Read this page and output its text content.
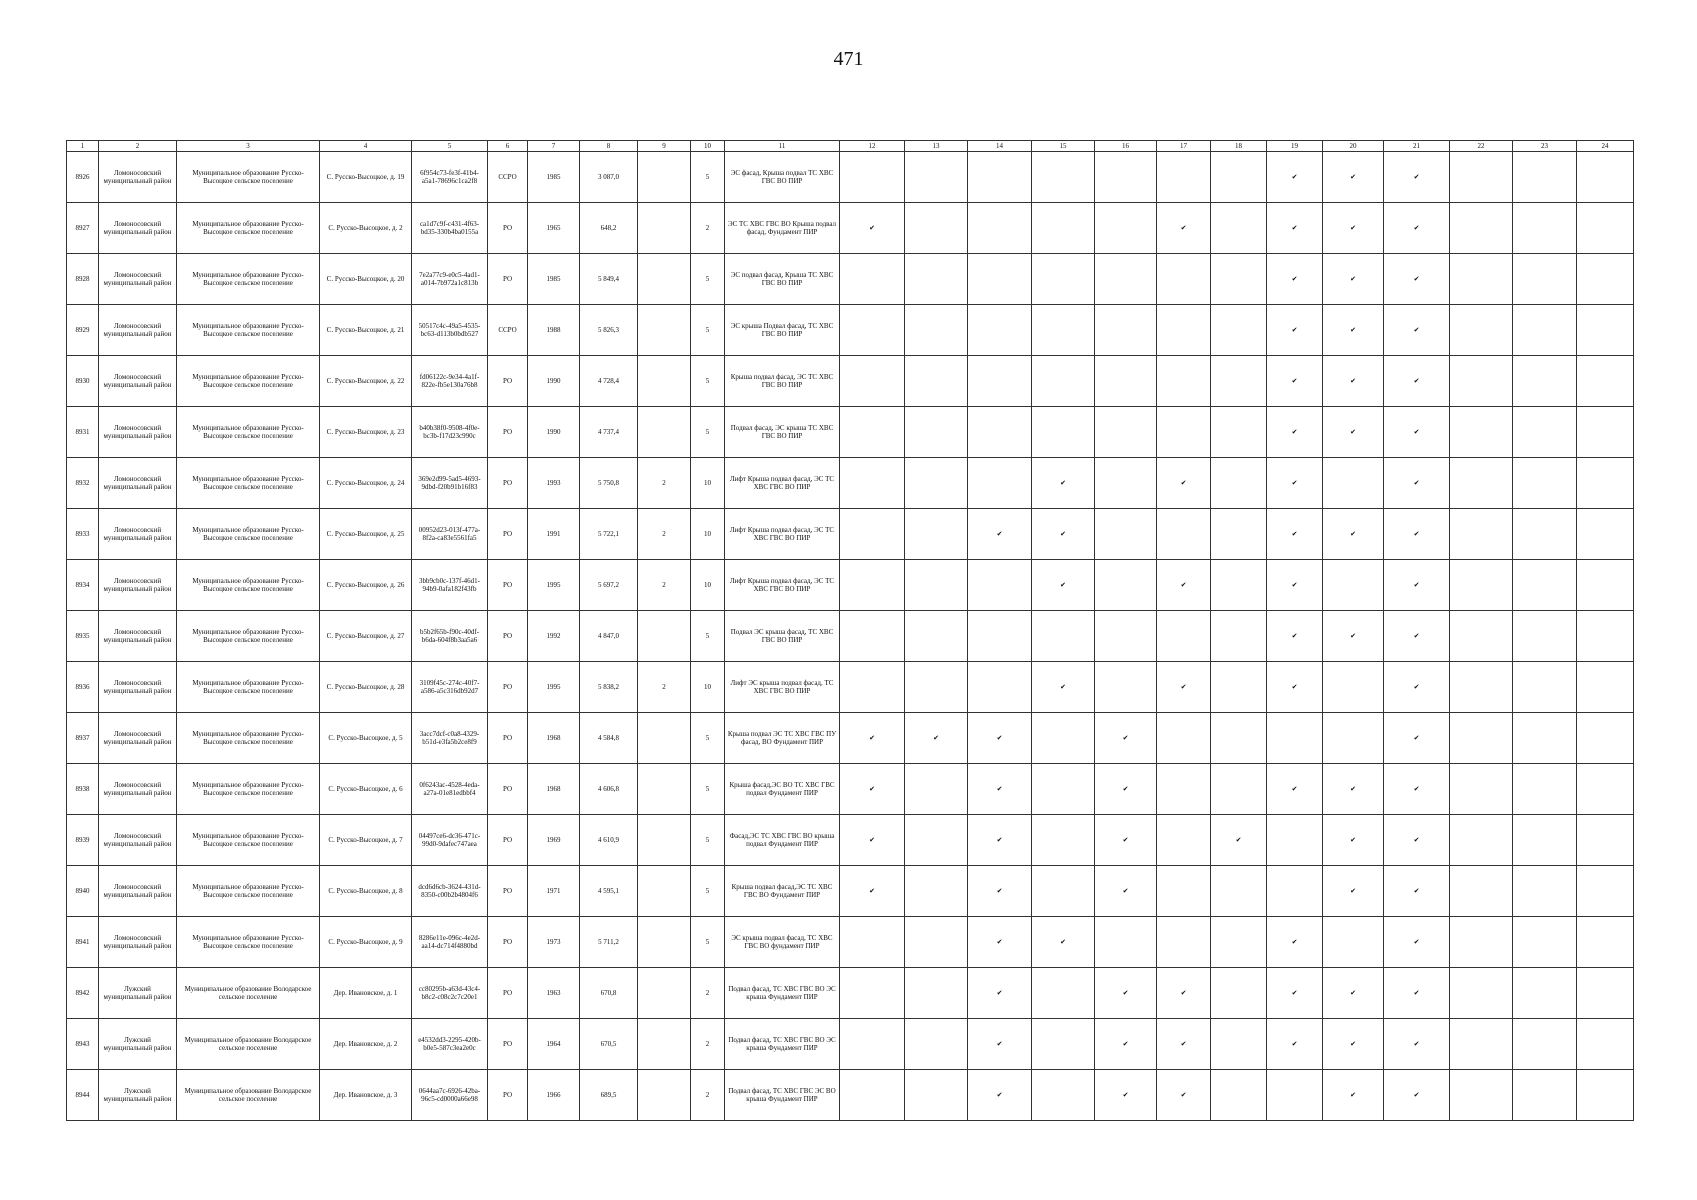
471
1	2	3	4	5	6	7	8	9	10	11	12	13	14	15	16	17	18	19	20	21	22	23	24
8926	Ломоносовский муниципальный район	Муниципальное образование Русско-Высоцкое сельское поселение	С. Русско-Высоцкое, д. 19	6f954c73-fe3f-41b4-a5a1-78696c1ca2f8	ССРО	1985	3 087,0		5	ЭС фасад, Крыша подвал ТС ХВС ГВС ВО ПИР								✔	✔	✔			
8927	Ломоносовский муниципальный район	Муниципальное образование Русско-Высоцкое сельское поселение	С. Русско-Высоцкое, д. 2	ca1d7c9f-c431-4f63-bd35-330b4ba0155a	РО	1965	648,2		2	ЭС ТС ХВС ГВС ВО Крыша подвал фасад, Фундамент ПИР	✔					✔		✔	✔	✔			
8928	Ломоносовский муниципальный район	Муниципальное образование Русско-Высоцкое сельское поселение	С. Русско-Высоцкое, д. 20	7e2a77c9-e0c5-4ad1-a014-7b972a1c813b	РО	1985	5 849,4		5	ЭС подвал фасад, Крыша ТС ХВС ГВС ВО ПИР								✔	✔	✔			
8929	Ломоносовский муниципальный район	Муниципальное образование Русско-Высоцкое сельское поселение	С. Русско-Высоцкое, д. 21	50517c4c-49a5-4535-bc63-d113b0bdb527	ССРО	1988	5 826,3		5	ЭС крыша Подвал фасад, ТС ХВС ГВС ВО ПИР								✔	✔	✔			
8930	Ломоносовский муниципальный район	Муниципальное образование Русско-Высоцкое сельское поселение	С. Русско-Высоцкое, д. 22	fd06122c-9e34-4a1f-822e-fb5e130a76b8	РО	1990	4 728,4		5	Крыша подвал фасад, ЭС ТС ХВС ГВС ВО ПИР								✔	✔	✔			
8931	Ломоносовский муниципальный район	Муниципальное образование Русско-Высоцкое сельское поселение	С. Русско-Высоцкое, д. 23	b40b38f0-9508-4f0e-bc3b-f17d23c990c	РО	1990	4 737,4		5	Подвал фасад, ЭС крыша ТС ХВС ГВС ВО ПИР								✔	✔	✔			
8932	Ломоносовский муниципальный район	Муниципальное образование Русско-Высоцкое сельское поселение	С. Русско-Высоцкое, д. 24	369e2d99-5ad5-4693-9dbd-f20b91b16f83	РО	1993	5 750,8	2	10	Лифт Крыша подвал фасад, ЭС ТС ХВС ГВС ВО ПИР				✔		✔		✔		✔			
8933	Ломоносовский муниципальный район	Муниципальное образование Русско-Высоцкое сельское поселение	С. Русско-Высоцкое, д. 25	00952d23-013f-477a-8f2a-ca83e5561fa5	РО	1991	5 722,1	2	10	Лифт Крыша подвал фасад, ЭС ТС ХВС ГВС ВО ПИР			✔	✔				✔	✔	✔			
8934	Ломоносовский муниципальный район	Муниципальное образование Русско-Высоцкое сельское поселение	С. Русско-Высоцкое, д. 26	3bb9cb0c-137f-46d1-94b9-0afa182f43fb	РО	1995	5 697,2	2	10	Лифт Крыша подвал фасад, ЭС ТС ХВС ГВС ВО ПИР				✔		✔		✔		✔			
8935	Ломоносовский муниципальный район	Муниципальное образование Русско-Высоцкое сельское поселение	С. Русско-Высоцкое, д. 27	b5b2f65b-f90c-40df-b6da-604f8b3aa5a6	РО	1992	4 847,0		5	Подвал ЭС крыша фасад, ТС ХВС ГВС ВО ПИР								✔	✔	✔			
8936	Ломоносовский муниципальный район	Муниципальное образование Русско-Высоцкое сельское поселение	С. Русско-Высоцкое, д. 28	3109f45c-274c-40f7-a586-a5c316db92d7	РО	1995	5 838,2	2	10	Лифт ЭС крыша подвал фасад, ТС ХВС ГВС ВО ПИР				✔		✔		✔		✔			
8937	Ломоносовский муниципальный район	Муниципальное образование Русско-Высоцкое сельское поселение	С. Русско-Высоцкое, д. 5	3acc7dcf-c0a8-4329-b51d-e3fa5b2ce8f9	РО	1968	4 584,8		5	Крыша подвал ЭС ТС ХВС ГВС ПУ фасад, ВО Фундамент ПИР	✔	✔	✔		✔					✔			
8938	Ломоносовский муниципальный район	Муниципальное образование Русско-Высоцкое сельское поселение	С. Русско-Высоцкое, д. 6	0f6243ac-4528-4eda-a27a-01e81edbbf4	РО	1968	4 606,8		5	Крыша фасад,ЭС ВО ТС ХВС ГВС подвал Фундамент ПИР	✔		✔		✔			✔	✔	✔			
8939	Ломоносовский муниципальный район	Муниципальное образование Русско-Высоцкое сельское поселение	С. Русско-Высоцкое, д. 7	04497ce6-dc36-471c-99d0-9dafec747aea	РО	1969	4 610,9		5	Фасад,ЭС ТС ХВС ГВС ВО крыша подвал Фундамент ПИР	✔		✔		✔		✔		✔	✔			
8940	Ломоносовский муниципальный район	Муниципальное образование Русско-Высоцкое сельское поселение	С. Русско-Высоцкое, д. 8	dcd6d6cb-3624-431d-8350-c00b2b4804f6	РО	1971	4 595,1		5	Крыша подвал фасад,ЭС ТС ХВС ГВС ВО Фундамент ПИР	✔		✔		✔				✔	✔			
8941	Ломоносовский муниципальный район	Муниципальное образование Русско-Высоцкое сельское поселение	С. Русско-Высоцкое, д. 9	8286e11e-096c-4e2d-aa14-dc714f4880bd	РО	1973	5 711,2		5	ЭС крыша подвал фасад, ТС ХВС ГВС ВО фундамент ПИР			✔	✔				✔		✔			
8942	Лужский муниципальный район	Муниципальное образование Володарское сельское поселение	Дер. Ивановское, д. 1	cc80295b-a63d-43c4-b8c2-c08c2c7c20e1	РО	1963	670,8		2	Подвал фасад, ТС ХВС ГВС ВО ЭС крыша Фундамент ПИР			✔		✔	✔		✔	✔	✔			
8943	Лужский муниципальный район	Муниципальное образование Володарское сельское поселение	Дер. Ивановское, д. 2	e4532dd3-2295-420b-b0e5-587c3ea2e0c	РО	1964	670,5		2	Подвал фасад, ТС ХВС ГВС ВО ЭС крыша Фундамент ПИР			✔		✔	✔		✔	✔	✔			
8944	Лужский муниципальный район	Муниципальное образование Володарское сельское поселение	Дер. Ивановское, д. 3	0644aa7c-6926-42ba-96c5-cd0000a66e98	РО	1966	689,5		2	Подвал фасад, ТС ХВС ГВС ЭС ВО крыша Фундамент ПИР			✔		✔	✔			✔	✔			
